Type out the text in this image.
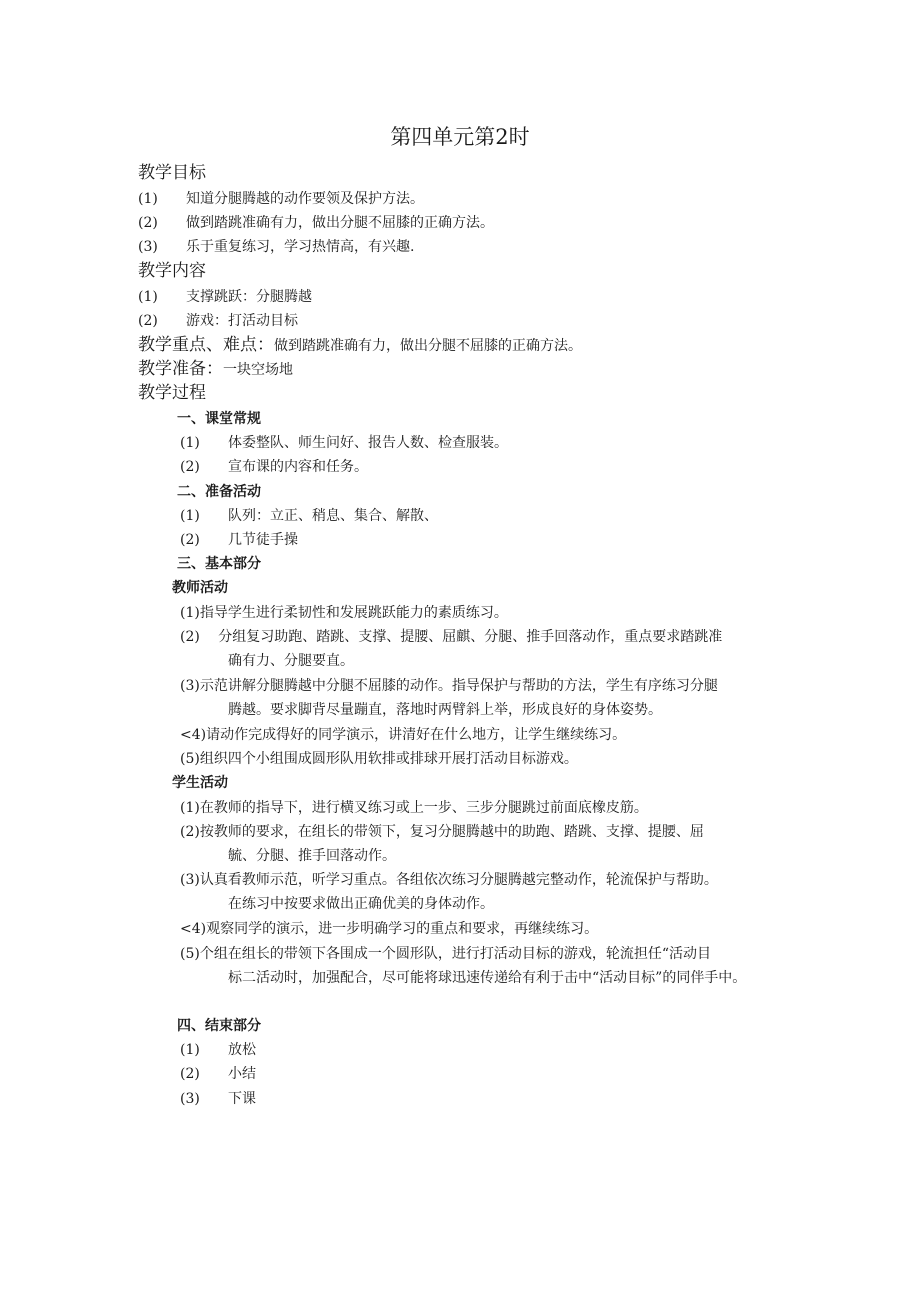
第四单元第2时
教学目标
(1) 知道分腿腾越的动作要领及保护方法。
(2) 做到踏跳准确有力，做出分腿不屈膝的正确方法。
(3) 乐于重复练习，学习热情高，有兴趣.
教学内容
(1) 支撑跳跃：分腿腾越
(2) 游戏：打活动目标
教学重点、难点：做到踏跳准确有力，做出分腿不屈膝的正确方法。
教学准备：一块空场地
教学过程
一、课堂常规
(1) 体委整队、师生问好、报告人数、检查服装。
(2) 宣布课的内容和任务。
二、准备活动
(1) 队列：立正、稍息、集合、解散、
(2) 几节徒手操
三、基本部分
教师活动
(1)指导学生进行柔韧性和发展跳跃能力的素质练习。
(2)　 分组复习助跑、踏跳、支撑、提腰、屈麒、分腿、推手回落动作，重点要求踏跳准
确有力、分腿要直。
(3)示范讲解分腿腾越中分腿不屈膝的动作。指导保护与帮助的方法，学生有序练习分腿
腾越。要求脚背尽量蹦直，落地时两臂斜上举，形成良好的身体姿势。
<4)请动作完成得好的同学演示，讲清好在什么地方，让学生继续练习。
(5)组织四个小组围成圆形队用软排或排球开展打活动目标游戏。
学生活动
(1)在教师的指导下，进行横叉练习或上一步、三步分腿跳过前面底橡皮筋。
(2)按教师的要求，在组长的带领下，复习分腿腾越中的助跑、踏跳、支撑、提腰、屈
毓、分腿、推手回落动作。
(3)认真看教师示范，听学习重点。各组依次练习分腿腾越完整动作，轮流保护与帮助。
在练习中按要求做出正确优美的身体动作。
<4)观察同学的演示，进一步明确学习的重点和要求，再继续练习。
(5)个组在组长的带领下各围成一个圆形队，进行打活动目标的游戏，轮流担任“活动目
标二活动时，加强配合，尽可能将球迅速传递给有利于击中“活动目标”的同伴手中。
四、结束部分
(1) 放松
(2) 小结
(3) 下课
